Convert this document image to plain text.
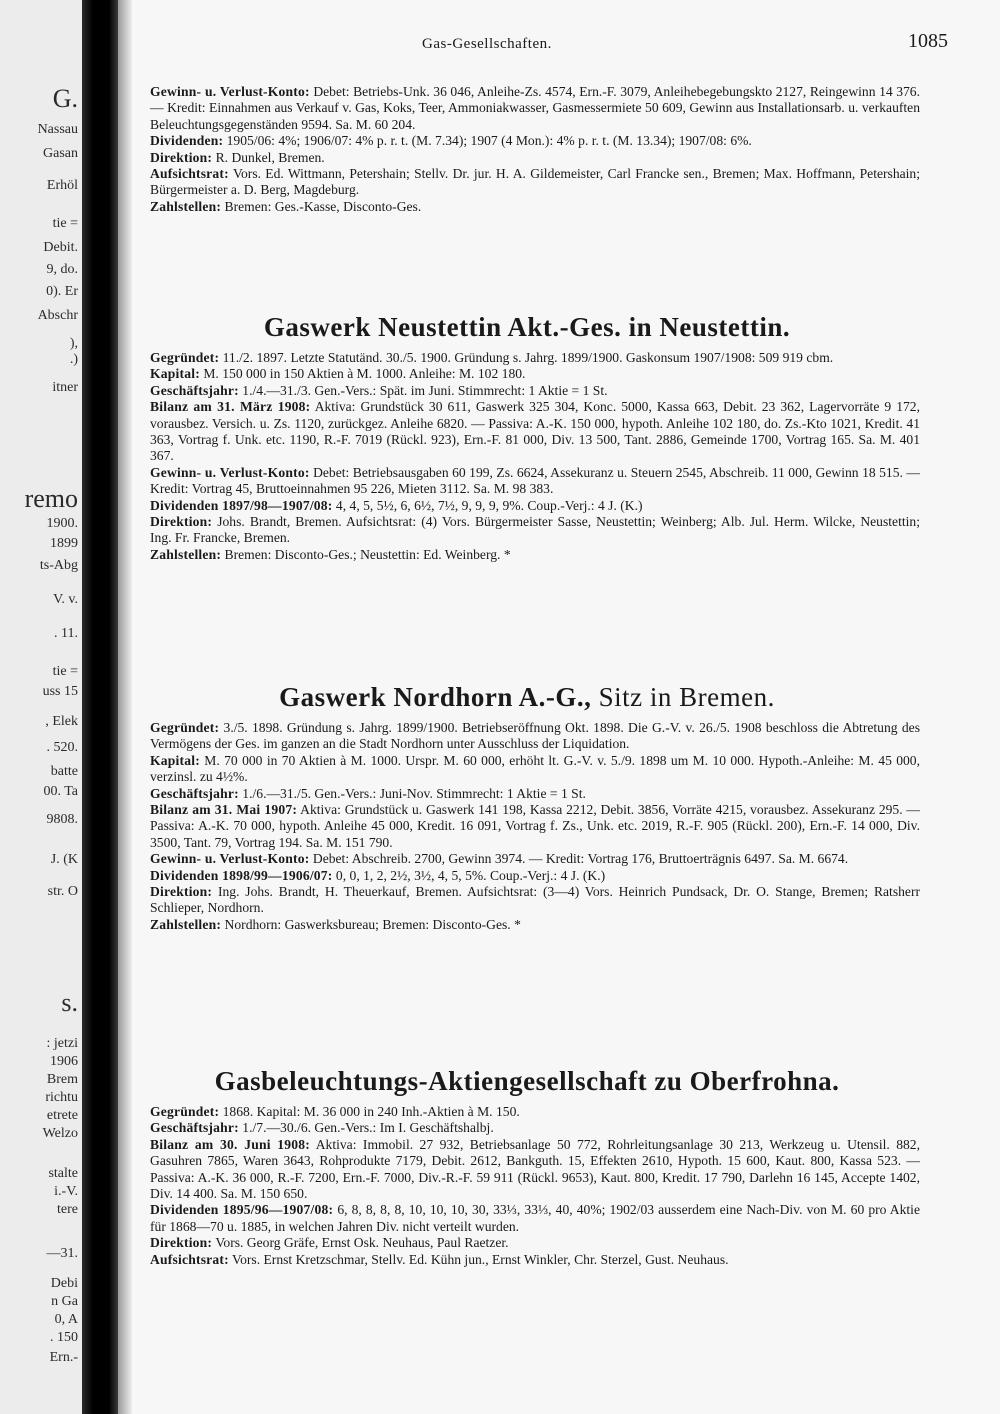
G.
Nassau
Gasan
Erhöl
tie =
Debit.
9, do.
0). Er
Abschr
),
.)
itner
remo
1900.
1899
ts-Abg
V. v.
. 11.
tie =
uss 15
, Elek
. 520.
batte
00. Ta
9808.
J. (K
str. O
s.
: jetzi
1906
Brem
richtu
etrete
Welzo
stalte
i.-V.
tere
—31.
Debi
n Ga
0, A
. 150
Ern.-
Gas-Gesellschaften.	1085

Gewinn- u. Verlust-Konto: Debet: Betriebs-Unk. 36 046, Anleihe-Zs. 4574, Ern.-F. 3079, Anleihebegebungskto 2127, Reingewinn 14 376. — Kredit: Einnahmen aus Verkauf v. Gas, Koks, Teer, Ammoniakwasser, Gasmessermiete 50 609, Gewinn aus Installationsarb. u. verkauften Beleuchtungsgegenständen 9594. Sa. M. 60 204.

Dividenden: 1905/06: 4%; 1906/07: 4% p. r. t. (M. 7.34); 1907 (4 Mon.): 4% p. r. t. (M. 13.34); 1907/08: 6%.

Direktion: R. Dunkel, Bremen.

Aufsichtsrat: Vors. Ed. Wittmann, Petershain; Stellv. Dr. jur. H. A. Gildemeister, Carl Francke sen., Bremen; Max. Hoffmann, Petershain; Bürgermeister a. D. Berg, Magdeburg.

Zahlstellen: Bremen: Ges.-Kasse, Disconto-Ges.

Gaswerk Neustettin Akt.-Ges. in Neustettin.

Gegründet: 11./2. 1897. Letzte Statutänd. 30./5. 1900. Gründung s. Jahrg. 1899/1900. Gaskonsum 1907/1908: 509 919 cbm.

Kapital: M. 150 000 in 150 Aktien à M. 1000. Anleihe: M. 102 180.

Geschäftsjahr: 1./4.—31./3. Gen.-Vers.: Spät. im Juni. Stimmrecht: 1 Aktie = 1 St.

Bilanz am 31. März 1908: Aktiva: Grundstück 30 611, Gaswerk 325 304, Konc. 5000, Kassa 663, Debit. 23 362, Lagervorräte 9 172, vorausbez. Versich. u. Zs. 1120, zurückgez. Anleihe 6820. — Passiva: A.-K. 150 000, hypoth. Anleihe 102 180, do. Zs.-Kto 1021, Kredit. 41 363, Vortrag f. Unk. etc. 1190, R.-F. 7019 (Rückl. 923), Ern.-F. 81 000, Div. 13 500, Tant. 2886, Gemeinde 1700, Vortrag 165. Sa. M. 401 367.

Gewinn- u. Verlust-Konto: Debet: Betriebsausgaben 60 199, Zs. 6624, Assekuranz u. Steuern 2545, Abschreib. 11 000, Gewinn 18 515. — Kredit: Vortrag 45, Bruttoeinnahmen 95 226, Mieten 3112. Sa. M. 98 383.

Dividenden 1897/98—1907/08: 4, 4, 5, 5½, 6, 6½, 7½, 9, 9, 9, 9%. Coup.-Verj.: 4 J. (K.)

Direktion: Johs. Brandt, Bremen. Aufsichtsrat: (4) Vors. Bürgermeister Sasse, Neustettin; Weinberg; Alb. Jul. Herm. Wilcke, Neustettin; Ing. Fr. Francke, Bremen.

Zahlstellen: Bremen: Disconto-Ges.; Neustettin: Ed. Weinberg. *

Gaswerk Nordhorn A.-G., Sitz in Bremen.

Gegründet: 3./5. 1898. Gründung s. Jahrg. 1899/1900. Betriebseröffnung Okt. 1898. Die G.-V. v. 26./5. 1908 beschloss die Abtretung des Vermögens der Ges. im ganzen an die Stadt Nordhorn unter Ausschluss der Liquidation.

Kapital: M. 70 000 in 70 Aktien à M. 1000. Urspr. M. 60 000, erhöht lt. G.-V. v. 5./9. 1898 um M. 10 000. Hypoth.-Anleihe: M. 45 000, verzinsl. zu 4½%.

Geschäftsjahr: 1./6.—31./5. Gen.-Vers.: Juni-Nov. Stimmrecht: 1 Aktie = 1 St.

Bilanz am 31. Mai 1907: Aktiva: Grundstück u. Gaswerk 141 198, Kassa 2212, Debit. 3856, Vorräte 4215, vorausbez. Assekuranz 295. — Passiva: A.-K. 70 000, hypoth. Anleihe 45 000, Kredit. 16 091, Vortrag f. Zs., Unk. etc. 2019, R.-F. 905 (Rückl. 200), Ern.-F. 14 000, Div. 3500, Tant. 79, Vortrag 194. Sa. M. 151 790.

Gewinn- u. Verlust-Konto: Debet: Abschreib. 2700, Gewinn 3974. — Kredit: Vortrag 176, Bruttoerträgnis 6497. Sa. M. 6674.

Dividenden 1898/99—1906/07: 0, 0, 1, 2, 2½, 3½, 4, 5, 5%. Coup.-Verj.: 4 J. (K.)

Direktion: Ing. Johs. Brandt, H. Theuerkauf, Bremen. Aufsichtsrat: (3—4) Vors. Heinrich Pundsack, Dr. O. Stange, Bremen; Ratsherr Schlieper, Nordhorn.

Zahlstellen: Nordhorn: Gaswerksbureau; Bremen: Disconto-Ges. *

Gasbeleuchtungs-Aktiengesellschaft zu Oberfrohna.

Gegründet: 1868. Kapital: M. 36 000 in 240 Inh.-Aktien à M. 150.

Geschäftsjahr: 1./7.—30./6. Gen.-Vers.: Im I. Geschäftshalbj.

Bilanz am 30. Juni 1908: Aktiva: Immobil. 27 932, Betriebsanlage 50 772, Rohrleitungsanlage 30 213, Werkzeug u. Utensil. 882, Gasuhren 7865, Waren 3643, Rohprodukte 7179, Debit. 2612, Bankguth. 15, Effekten 2610, Hypoth. 15 600, Kaut. 800, Kassa 523. — Passiva: A.-K. 36 000, R.-F. 7200, Ern.-F. 7000, Div.-R.-F. 59 911 (Rückl. 9653), Kaut. 800, Kredit. 17 790, Darlehn 16 145, Accepte 1402, Div. 14 400. Sa. M. 150 650.

Dividenden 1895/96—1907/08: 6, 8, 8, 8, 8, 10, 10, 10, 30, 33⅓, 33⅓, 40, 40%; 1902/03 ausserdem eine Nach-Div. von M. 60 pro Aktie für 1868—70 u. 1885, in welchen Jahren Div. nicht verteilt wurden.

Direktion: Vors. Georg Gräfe, Ernst Osk. Neuhaus, Paul Raetzer.

Aufsichtsrat: Vors. Ernst Kretzschmar, Stellv. Ed. Kühn jun., Ernst Winkler, Chr. Sterzel, Gust. Neuhaus.
